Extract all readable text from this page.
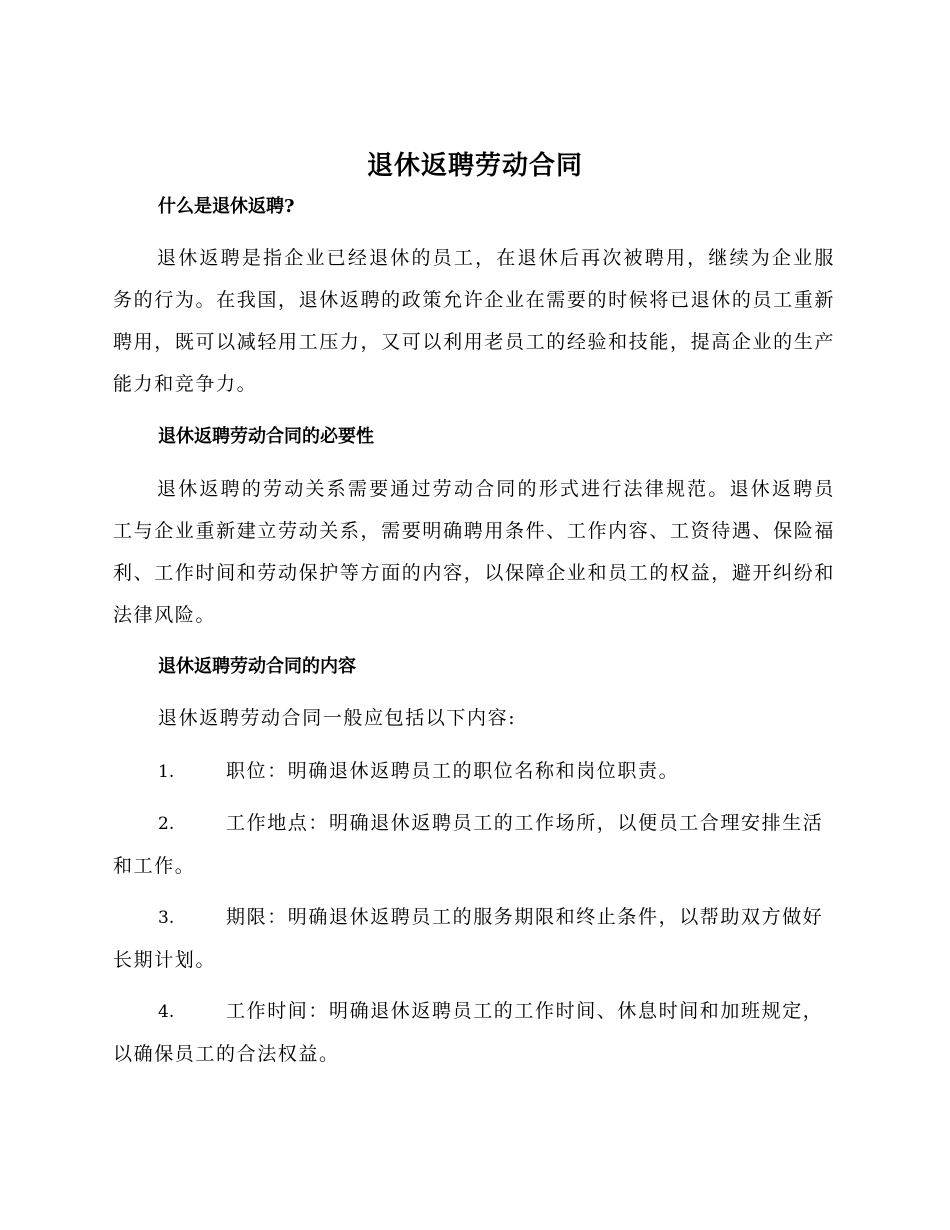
退休返聘劳动合同
什么是退休返聘?
退休返聘是指企业已经退休的员工，在退休后再次被聘用，继续为企业服务的行为。在我国，退休返聘的政策允许企业在需要的时候将已退休的员工重新聘用，既可以减轻用工压力，又可以利用老员工的经验和技能，提高企业的生产能力和竞争力。
退休返聘劳动合同的必要性
退休返聘的劳动关系需要通过劳动合同的形式进行法律规范。退休返聘员工与企业重新建立劳动关系，需要明确聘用条件、工作内容、工资待遇、保险福利、工作时间和劳动保护等方面的内容，以保障企业和员工的权益，避开纠纷和法律风险。
退休返聘劳动合同的内容
退休返聘劳动合同一般应包括以下内容:
1.	职位：明确退休返聘员工的职位名称和岗位职责。
2.	工作地点：明确退休返聘员工的工作场所，以便员工合理安排生活和工作。
3.	期限：明确退休返聘员工的服务期限和终止条件，以帮助双方做好长期计划。
4.	工作时间：明确退休返聘员工的工作时间、休息时间和加班规定，以确保员工的合法权益。
